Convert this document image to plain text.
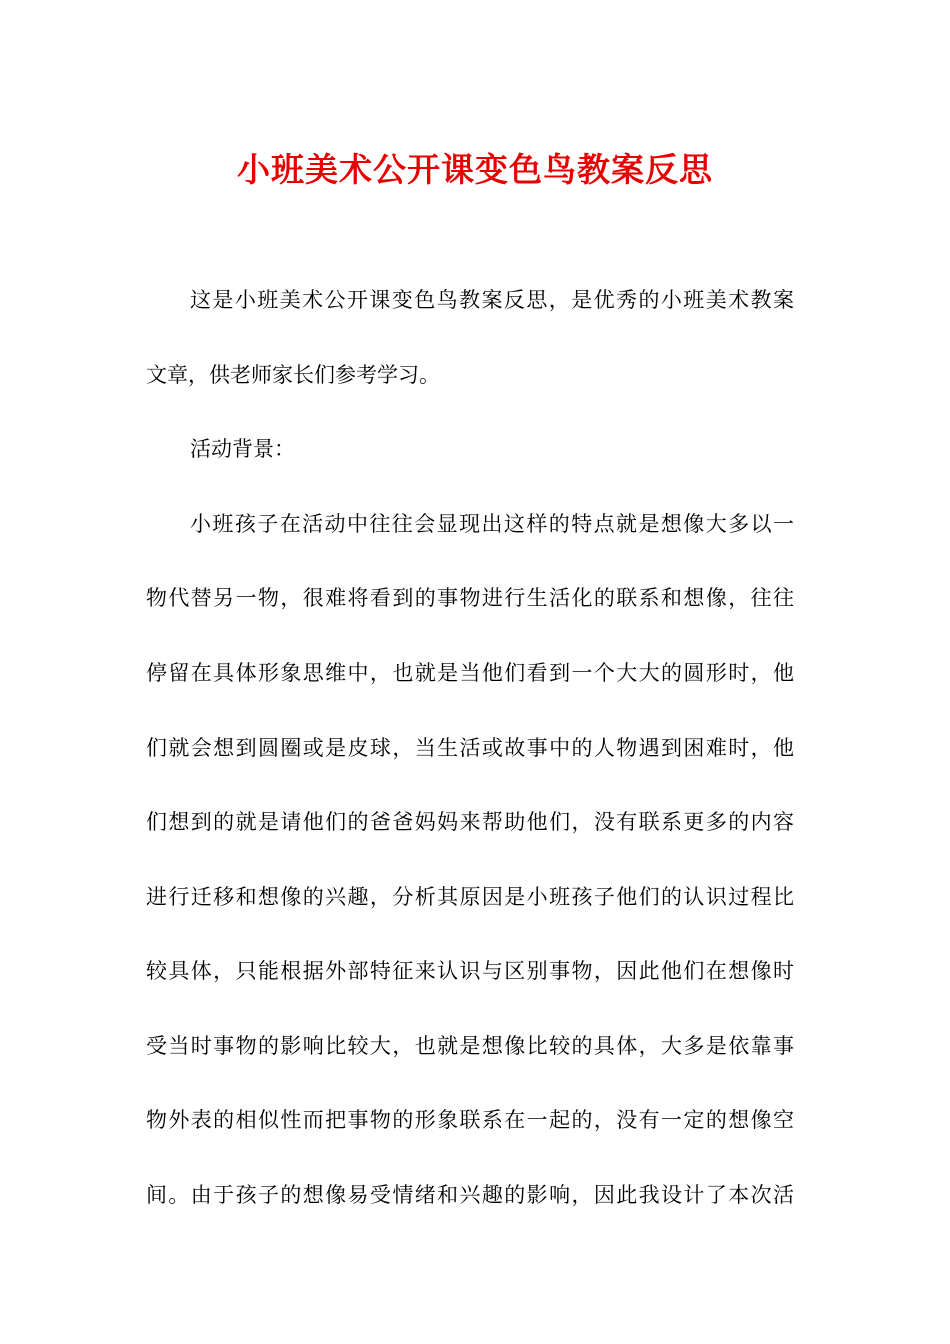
小班美术公开课变色鸟教案反思
这是小班美术公开课变色鸟教案反思，是优秀的小班美术教案
文章，供老师家长们参考学习。
活动背景：
小班孩子在活动中往往会显现出这样的特点就是想像大多以一
物代替另一物，很难将看到的事物进行生活化的联系和想像，往往
停留在具体形象思维中，也就是当他们看到一个大大的圆形时，他
们就会想到圆圈或是皮球，当生活或故事中的人物遇到困难时，他
们想到的就是请他们的爸爸妈妈来帮助他们，没有联系更多的内容
进行迁移和想像的兴趣，分析其原因是小班孩子他们的认识过程比
较具体，只能根据外部特征来认识与区别事物，因此他们在想像时
受当时事物的影响比较大，也就是想像比较的具体，大多是依靠事
物外表的相似性而把事物的形象联系在一起的，没有一定的想像空
间。由于孩子的想像易受情绪和兴趣的影响，因此我设计了本次活
